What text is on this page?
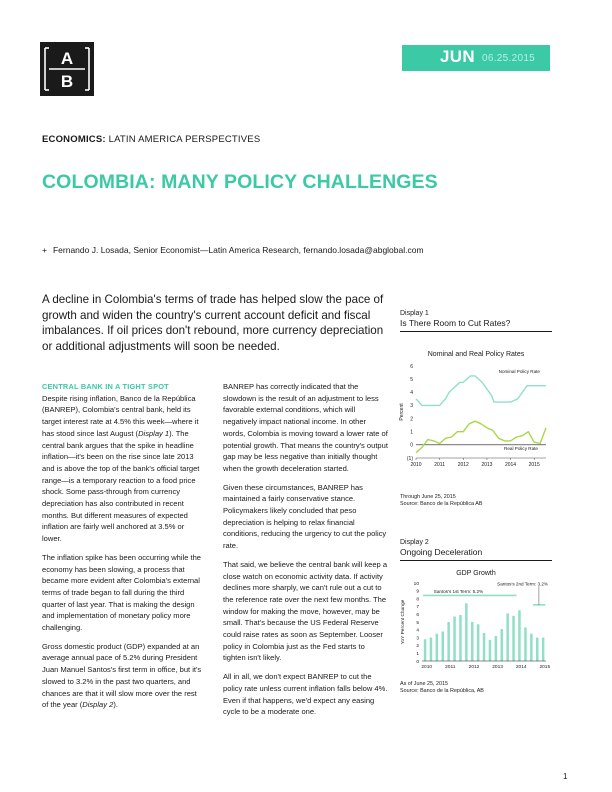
A
B
JUN 06.25.2015
ECONOMICS: LATIN AMERICA PERSPECTIVES
COLOMBIA: MANY POLICY CHALLENGES
+ Fernando J. Losada, Senior Economist—Latin America Research, fernando.losada@abglobal.com
A decline in Colombia's terms of trade has helped slow the pace of growth and widen the country's current account deficit and fiscal imbalances. If oil prices don't rebound, more currency depreciation or additional adjustments will soon be needed.
CENTRAL BANK IN A TIGHT SPOT

Despite rising inflation, Banco de la República (BANREP), Colombia's central bank, held its target interest rate at 4.5% this week—where it has stood since last August (Display 1). The central bank argues that the spike in headline inflation—it's been on the rise since late 2013 and is above the top of the bank's official target range—is a temporary reaction to a food price shock. Some pass-through from currency depreciation has also contributed in recent months. But different measures of expected inflation are fairly well anchored at 3.5% or lower.

The inflation spike has been occurring while the economy has been slowing, a process that became more evident after Colombia's external terms of trade began to fall during the third quarter of last year. That is making the design and implementation of monetary policy more challenging.

Gross domestic product (GDP) expanded at an average annual pace of 5.2% during President Juan Manuel Santos's first term in office, but it's slowed to 3.2% in the past two quarters, and chances are that it will slow more over the rest of the year (Display 2).

BANREP has correctly indicated that the slowdown is the result of an adjustment to less favorable external conditions, which will negatively impact national income. In other words, Colombia is moving toward a lower rate of potential growth. That means the country's output gap may be less negative than initially thought when the growth deceleration started.

Given these circumstances, BANREP has maintained a fairly conservative stance. Policymakers likely concluded that peso depreciation is helping to relax financial conditions, reducing the urgency to cut the policy rate.

That said, we believe the central bank will keep a close watch on economic activity data. If activity declines more sharply, we can't rule out a cut to the reference rate over the next few months. The window for making the move, however, may be small. That's because the US Federal Reserve could raise rates as soon as September. Looser policy in Colombia just as the Fed starts to tighten isn't likely.

All in all, we don't expect BANREP to cut the policy rate unless current inflation falls below 4%. Even if that happens, we'd expect any easing cycle to be a moderate one.

Display 1
Is There Room to Cut Rates?
Nominal and Real Policy Rates
Percent
6
5
4
3
2
1
0
(1)
2010	2011	2012	2013	2014	2015
Nominal Policy Rate
Real Policy Rate
Through June 25, 2015
Source: Banco de la República AB
Display 2
Ongoing Deceleration
GDP Growth
YoY Percent Change
10
9
8
7
6
5
4
3
2
1
0
2010	2011	2012	2013	2014	2015
Santos's 1st Term: 5.2%
Santos's 2nd Term: 3.2%
As of June 25, 2015
Source: Banco de la República, AB
1
